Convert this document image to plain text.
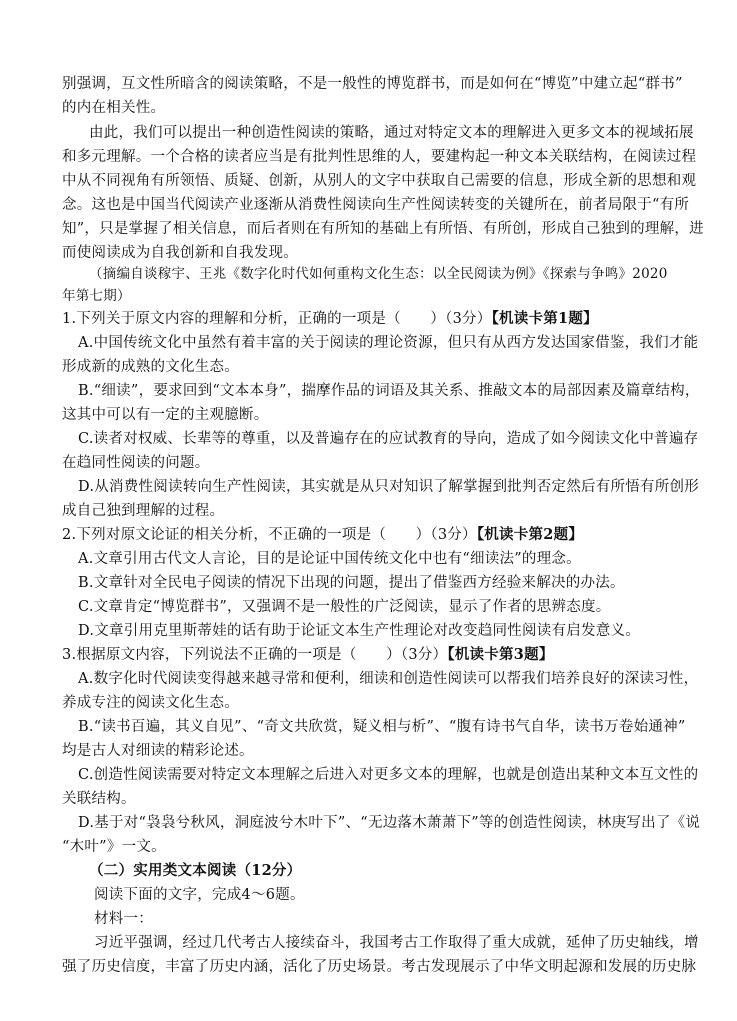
别强调，互文性所暗含的阅读策略，不是一般性的博览群书，而是如何在“博览”中建立起“群书”
的内在相关性。
由此，我们可以提出一种创造性阅读的策略，通过对特定文本的理解进入更多文本的视域拓展
和多元理解。一个合格的读者应当是有批判性思维的人，要建构起一种文本关联结构，在阅读过程
中从不同视角有所领悟、质疑、创新，从别人的文字中获取自己需要的信息，形成全新的思想和观
念。这也是中国当代阅读产业逐渐从消费性阅读向生产性阅读转变的关键所在，前者局限于“有所
知”，只是掌握了相关信息，而后者则在有所知的基础上有所悟、有所创，形成自己独到的理解，进
而使阅读成为自我创新和自我发现。
（摘编自谈稼宇、王兆《数字化时代如何重构文化生态：以全民阅读为例》《探索与争鸣》2020
年第七期）
1.下列关于原文内容的理解和分析，正确的一项是（　　）（3分）【机读卡第1题】
A.中国传统文化中虽然有着丰富的关于阅读的理论资源，但只有从西方发达国家借鉴，我们才能
形成新的成熟的文化生态。
B.“细读”，要求回到“文本本身”，揣摩作品的词语及其关系、推敲文本的局部因素及篇章结构，
这其中可以有一定的主观臆断。
C.读者对权威、长辈等的尊重，以及普遍存在的应试教育的导向，造成了如今阅读文化中普遍存
在趋同性阅读的问题。
D.从消费性阅读转向生产性阅读，其实就是从只对知识了解掌握到批判否定然后有所悟有所创形
成自己独到理解的过程。
2.下列对原文论证的相关分析，不正确的一项是（　　）（3分）【机读卡第2题】
A.文章引用古代文人言论，目的是论证中国传统文化中也有“细读法”的理念。
B.文章针对全民电子阅读的情况下出现的问题，提出了借鉴西方经验来解决的办法。
C.文章肯定“博览群书”，又强调不是一般性的广泛阅读，显示了作者的思辨态度。
D.文章引用克里斯蒂娃的话有助于论证文本生产性理论对改变趋同性阅读有启发意义。
3.根据原文内容，下列说法不正确的一项是（　　）（3分）【机读卡第3题】
A.数字化时代阅读变得越来越寻常和便利，细读和创造性阅读可以帮我们培养良好的深读习性，
养成专注的阅读文化生态。
B.“读书百遍，其义自见”、“奇文共欣赏，疑义相与析”、“腹有诗书气自华，读书万卷始通神”
均是古人对细读的精彩论述。
C.创造性阅读需要对特定文本理解之后进入对更多文本的理解，也就是创造出某种文本互文性的
关联结构。
D.基于对“袅袅兮秋风，洞庭波兮木叶下”、“无边落木萧萧下”等的创造性阅读，林庚写出了《说
“木叶”》一文。
（二）实用类文本阅读（12分）
阅读下面的文字，完成4～6题。
材料一：
习近平强调，经过几代考古人接续奋斗，我国考古工作取得了重大成就，延伸了历史轴线，增
强了历史信度，丰富了历史内涵，活化了历史场景。考古发现展示了中华文明起源和发展的历史脉
